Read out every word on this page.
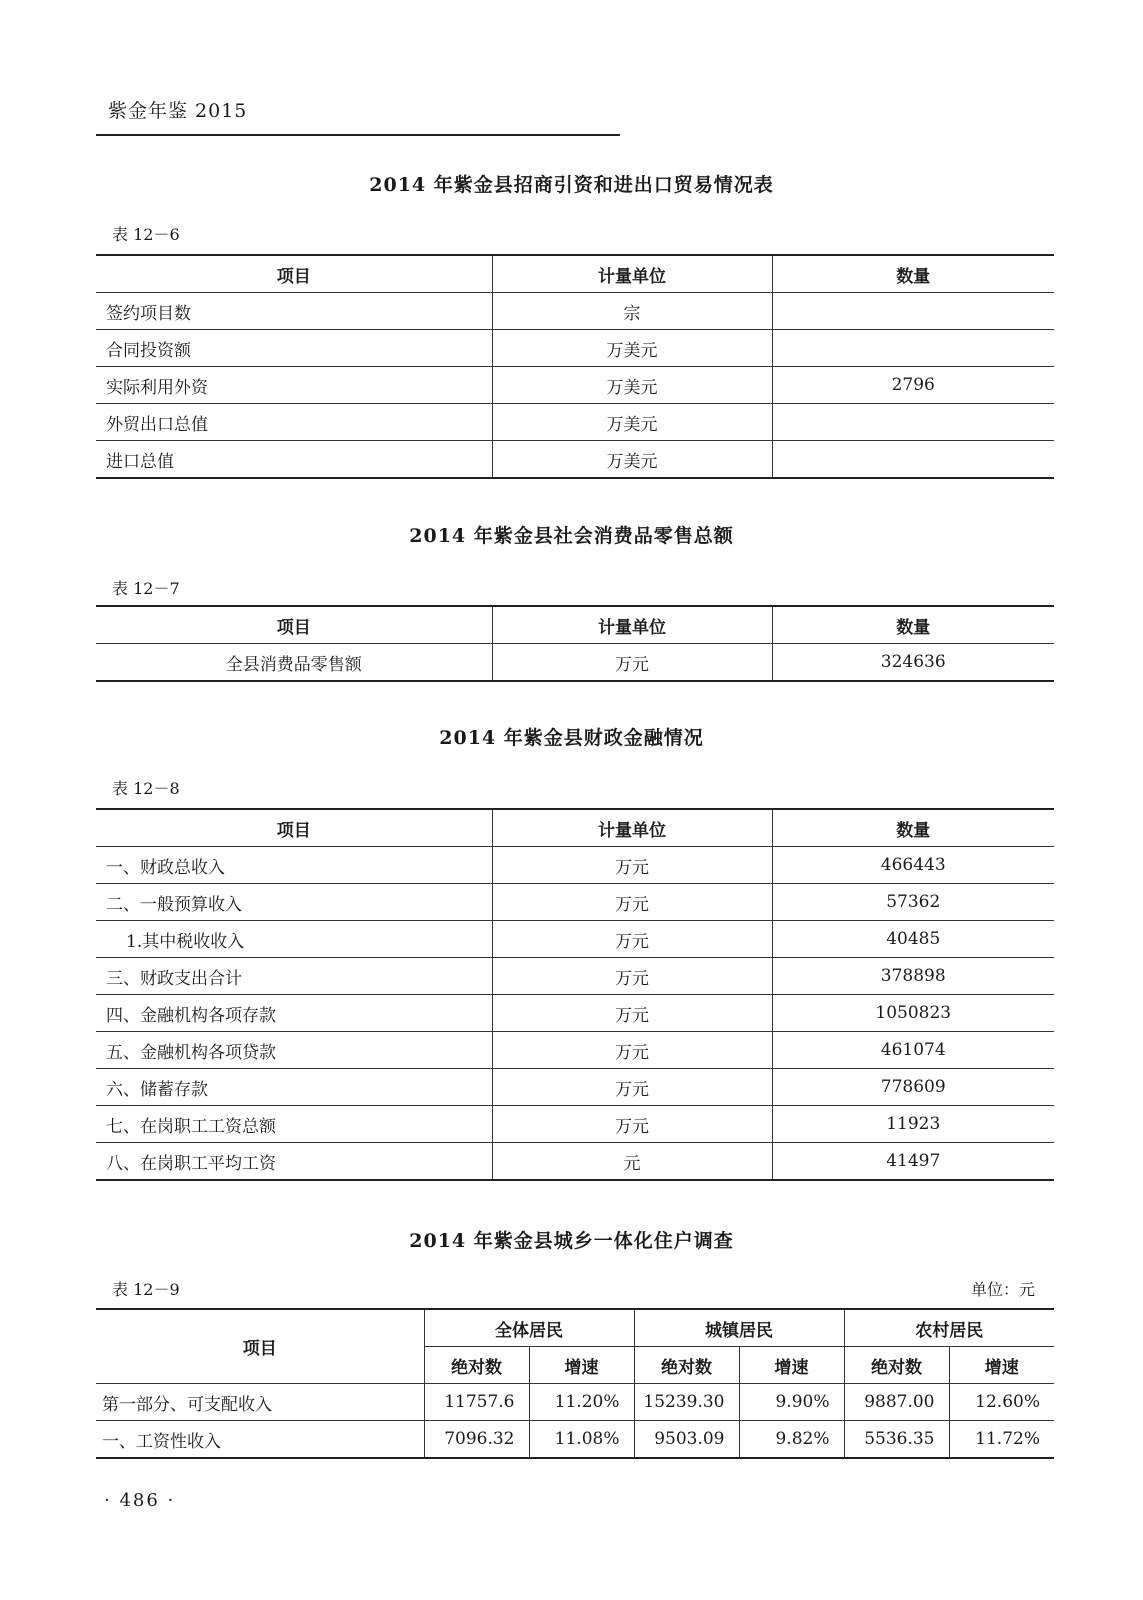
紫金年鉴 2015
2014 年紫金县招商引资和进出口贸易情况表
表 12－6
项目	计量单位	数量
签约项目数	宗	
合同投资额	万美元	
实际利用外资	万美元	2796
外贸出口总值	万美元	
进口总值	万美元	
2014 年紫金县社会消费品零售总额
表 12－7
项目	计量单位	数量
全县消费品零售额	万元	324636
2014 年紫金县财政金融情况
表 12－8
项目	计量单位	数量
一、财政总收入	万元	466443
二、一般预算收入	万元	57362
1.其中税收收入	万元	40485
三、财政支出合计	万元	378898
四、金融机构各项存款	万元	1050823
五、金融机构各项贷款	万元	461074
六、储蓄存款	万元	778609
七、在岗职工工资总额	万元	11923
八、在岗职工平均工资	元	41497
2014 年紫金县城乡一体化住户调查
表 12－9	单位：元
项目	全体居民		城镇居民		农村居民	
	绝对数	增速	绝对数	增速	绝对数	增速
第一部分、可支配收入	11757.6	11.20%	15239.30	9.90%	9887.00	12.60%
一、工资性收入	7096.32	11.08%	9503.09	9.82%	5536.35	11.72%
· 486 ·
